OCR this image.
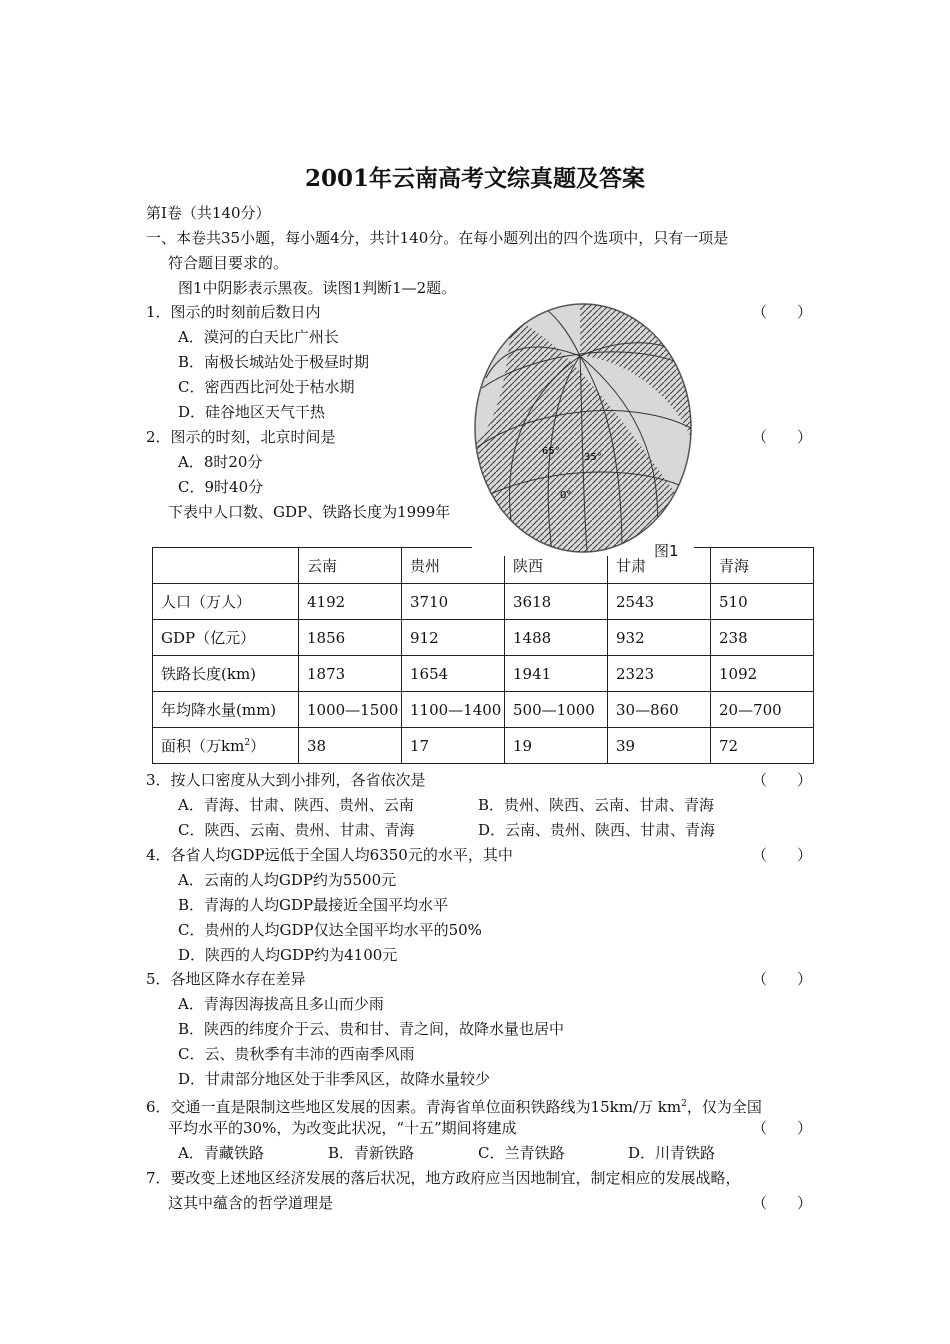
2001年云南高考文综真题及答案
第Ⅰ卷（共140分）
一、本卷共35小题，每小题4分，共计140分。在每小题列出的四个选项中，只有一项是
符合题目要求的。
图1中阴影表示黑夜。读图1判断1—2题。
1．图示的时刻前后数日内	（　　）
A．漠河的白天比广州长
B．南极长城站处于极昼时期
C．密西西比河处于枯水期
D．硅谷地区天气干热
2．图示的时刻，北京时间是	（　　）
A．8时20分
C．9时40分
下表中人口数、GDP、铁路长度为1999年
	云南	贵州	陕西	甘肃	青海
人口（万人）	4192	3710	3618	2543	510
GDP（亿元）	1856	912	1488	932	238
铁路长度(km)	1873	1654	1941	2323	1092
年均降水量(mm)	1000—1500	1100—1400	500—1000	30—860	20—700
面积（万$km^2$）	38	17	19	39	72
65°
35°
0°
图1
3．按人口密度从大到小排列，各省依次是	（　　）
A．青海、甘肃、陕西、贵州、云南	B．贵州、陕西、云南、甘肃、青海
C．陕西、云南、贵州、甘肃、青海	D．云南、贵州、陕西、甘肃、青海
4．各省人均GDP远低于全国人均6350元的水平，其中	（　　）
A．云南的人均GDP约为5500元
B．青海的人均GDP最接近全国平均水平
C．贵州的人均GDP仅达全国平均水平的50%
D．陕西的人均GDP约为4100元
5．各地区降水存在差异	（　　）
A．青海因海拔高且多山而少雨
B．陕西的纬度介于云、贵和甘、青之间，故降水量也居中
C．云、贵秋季有丰沛的西南季风雨
D．甘肃部分地区处于非季风区，故降水量较少
6．交通一直是限制这些地区发展的因素。青海省单位面积铁路线为15km/万 $km^2$，仅为全国
平均水平的30%，为改变此状况，“十五”期间将建成	（　　）
A．青藏铁路	B．青新铁路	C．兰青铁路	D．川青铁路
7．要改变上述地区经济发展的落后状况，地方政府应当因地制宜，制定相应的发展战略，
这其中蕴含的哲学道理是	（　　）
